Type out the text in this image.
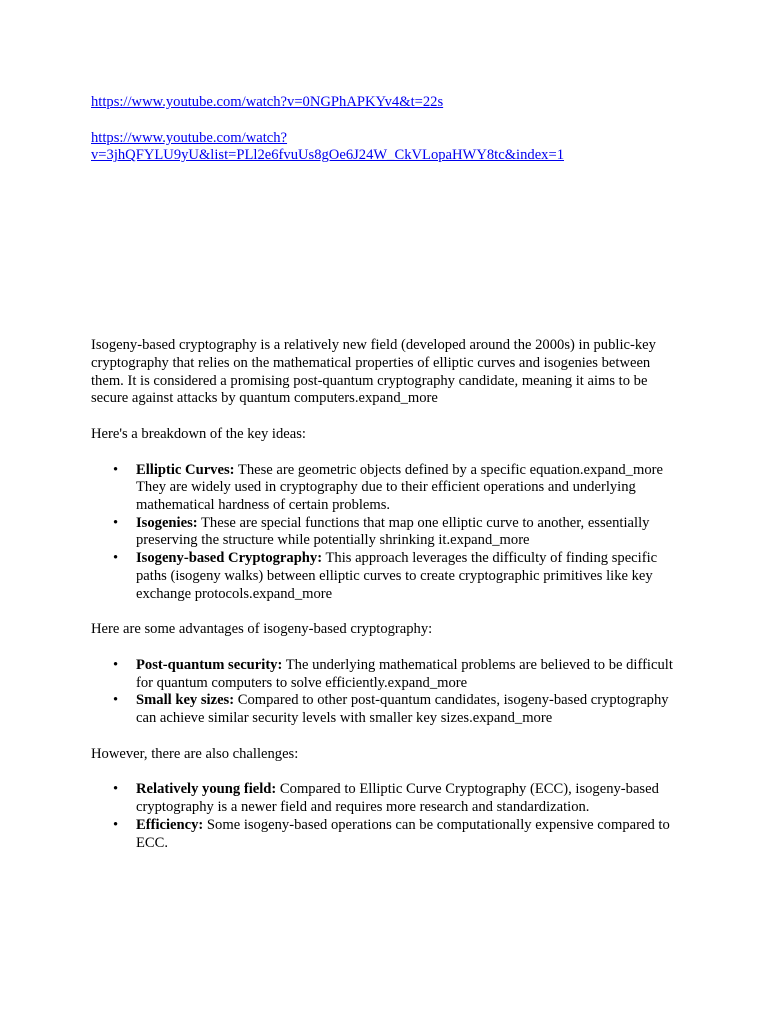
https://www.youtube.com/watch?v=0NGPhAPKYv4&t=22s
https://www.youtube.com/watch?
v=3jhQFYLU9yU&list=PLl2e6fvuUs8gOe6J24W_CkVLopaHWY8tc&index=1

Isogeny-based cryptography is a relatively new field (developed around the 2000s) in public-key cryptography that relies on the mathematical properties of elliptic curves and isogenies between them. It is considered a promising post-quantum cryptography candidate, meaning it aims to be secure against attacks by quantum computers.expand_more

Here's a breakdown of the key ideas:

• Elliptic Curves: These are geometric objects defined by a specific equation.expand_more They are widely used in cryptography due to their efficient operations and underlying mathematical hardness of certain problems.
• Isogenies: These are special functions that map one elliptic curve to another, essentially preserving the structure while potentially shrinking it.expand_more
• Isogeny-based Cryptography: This approach leverages the difficulty of finding specific paths (isogeny walks) between elliptic curves to create cryptographic primitives like key exchange protocols.expand_more

Here are some advantages of isogeny-based cryptography:

• Post-quantum security: The underlying mathematical problems are believed to be difficult for quantum computers to solve efficiently.expand_more
• Small key sizes: Compared to other post-quantum candidates, isogeny-based cryptography can achieve similar security levels with smaller key sizes.expand_more

However, there are also challenges:

• Relatively young field: Compared to Elliptic Curve Cryptography (ECC), isogeny-based cryptography is a newer field and requires more research and standardization.
• Efficiency: Some isogeny-based operations can be computationally expensive compared to ECC.
